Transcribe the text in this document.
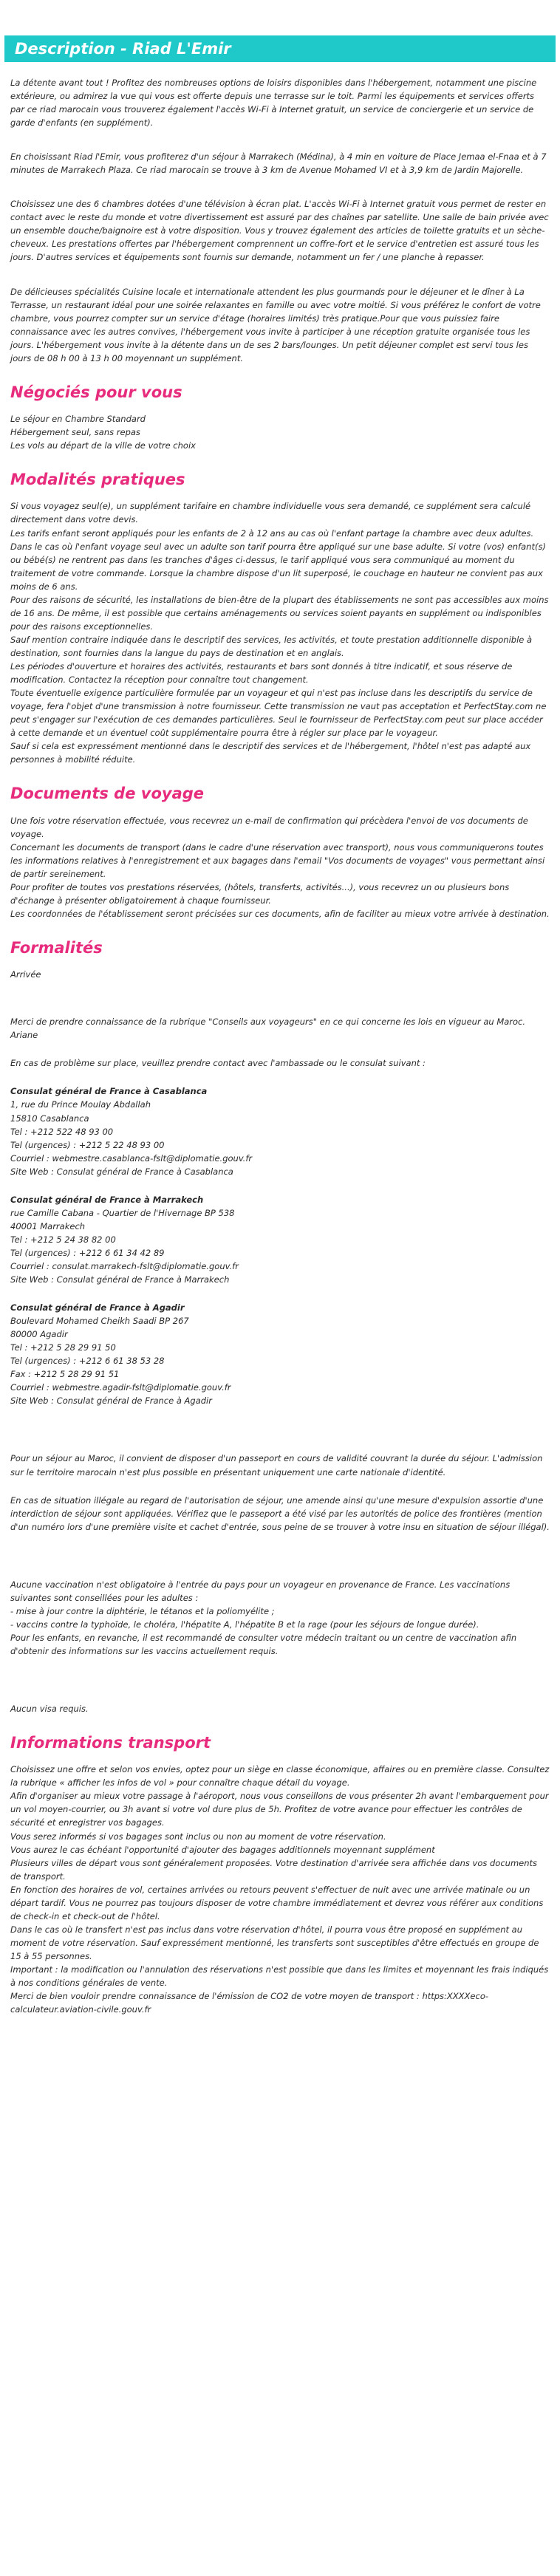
Description - Riad L'Emir

La détente avant tout ! Profitez des nombreuses options de loisirs disponibles dans l'hébergement, notamment une piscine extérieure, ou admirez la vue qui vous est offerte depuis une terrasse sur le toit. Parmi les équipements et services offerts par ce riad marocain vous trouverez également l'accès Wi-Fi à Internet gratuit, un service de conciergerie et un service de garde d'enfants (en supplément).

En choisissant Riad l'Emir, vous profiterez d'un séjour à Marrakech (Médina), à 4 min en voiture de Place Jemaa el-Fnaa et à 7 minutes de Marrakech Plaza. Ce riad marocain se trouve à 3 km de Avenue Mohamed VI et à 3,9 km de Jardin Majorelle.

Choisissez une des 6 chambres dotées d'une télévision à écran plat. L'accès Wi-Fi à Internet gratuit vous permet de rester en contact avec le reste du monde et votre divertissement est assuré par des chaînes par satellite. Une salle de bain privée avec un ensemble douche/baignoire est à votre disposition. Vous y trouvez également des articles de toilette gratuits et un sèche-cheveux. Les prestations offertes par l'hébergement comprennent un coffre-fort et le service d'entretien est assuré tous les jours. D'autres services et équipements sont fournis sur demande, notamment un fer / une planche à repasser.

De délicieuses spécialités Cuisine locale et internationale attendent les plus gourmands pour le déjeuner et le dîner à La Terrasse, un restaurant idéal pour une soirée relaxantes en famille ou avec votre moitié. Si vous préférez le confort de votre chambre, vous pourrez compter sur un service d'étage (horaires limités) très pratique.Pour que vous puissiez faire connaissance avec les autres convives, l'hébergement vous invite à participer à une réception gratuite organisée tous les jours. L'hébergement vous invite à la détente dans un de ses 2 bars/lounges. Un petit déjeuner complet est servi tous les jours de 08 h 00 à 13 h 00 moyennant un supplément.

Négociés pour vous
Le séjour en Chambre Standard
Hébergement seul, sans repas
Les vols au départ de la ville de votre choix
Modalités pratiques
Si vous voyagez seul(e), un supplément tarifaire en chambre individuelle vous sera demandé, ce supplément sera calculé directement dans votre devis.
Les tarifs enfant seront appliqués pour les enfants de 2 à 12 ans au cas où l'enfant partage la chambre avec deux adultes. Dans le cas où l'enfant voyage seul avec un adulte son tarif pourra être appliqué sur une base adulte. Si votre (vos) enfant(s) ou bébé(s) ne rentrent pas dans les tranches d'âges ci-dessus, le tarif appliqué vous sera communiqué au moment du traitement de votre commande. Lorsque la chambre dispose d'un lit superposé, le couchage en hauteur ne convient pas aux moins de 6 ans.
Pour des raisons de sécurité, les installations de bien-être de la plupart des établissements ne sont pas accessibles aux moins de 16 ans. De même, il est possible que certains aménagements ou services soient payants en supplément ou indisponibles pour des raisons exceptionnelles.
Sauf mention contraire indiquée dans le descriptif des services, les activités, et toute prestation additionnelle disponible à destination, sont fournies dans la langue du pays de destination et en anglais.
Les périodes d'ouverture et horaires des activités, restaurants et bars sont donnés à titre indicatif, et sous réserve de modification. Contactez la réception pour connaître tout changement.
Toute éventuelle exigence particulière formulée par un voyageur et qui n'est pas incluse dans les descriptifs du service de voyage, fera l'objet d'une transmission à notre fournisseur. Cette transmission ne vaut pas acceptation et PerfectStay.com ne peut s'engager sur l'exécution de ces demandes particulières. Seul le fournisseur de PerfectStay.com peut sur place accéder à cette demande et un éventuel coût supplémentaire pourra être à régler sur place par le voyageur.
Sauf si cela est expressément mentionné dans le descriptif des services et de l'hébergement, l'hôtel n'est pas adapté aux personnes à mobilité réduite.
Documents de voyage
Une fois votre réservation effectuée, vous recevrez un e-mail de confirmation qui précèdera l'envoi de vos documents de voyage.
Concernant les documents de transport (dans le cadre d'une réservation avec transport), nous vous communiquerons toutes les informations relatives à l'enregistrement et aux bagages dans l'email "Vos documents de voyages" vous permettant ainsi de partir sereinement.
Pour profiter de toutes vos prestations réservées, (hôtels, transferts, activités...), vous recevrez un ou plusieurs bons d'échange à présenter obligatoirement à chaque fournisseur.
Les coordonnées de l'établissement seront précisées sur ces documents, afin de faciliter au mieux votre arrivée à destination.
Formalités
Arrivée
Merci de prendre connaissance de la rubrique "Conseils aux voyageurs" en ce qui concerne les lois en vigueur au Maroc. Ariane
En cas de problème sur place, veuillez prendre contact avec l'ambassade ou le consulat suivant :
Consulat général de France à Casablanca
1, rue du Prince Moulay Abdallah
15810 Casablanca
Tel : +212 522 48 93 00
Tel (urgences) : +212 5 22 48 93 00
Courriel : webmestre.casablanca-fslt@diplomatie.gouv.fr
Site Web : Consulat général de France à Casablanca
Consulat général de France à Marrakech
rue Camille Cabana - Quartier de l'Hivernage BP 538
40001 Marrakech
Tel : +212 5 24 38 82 00
Tel (urgences) : +212 6 61 34 42 89
Courriel : consulat.marrakech-fslt@diplomatie.gouv.fr
Site Web : Consulat général de France à Marrakech
Consulat général de France à Agadir
Boulevard Mohamed Cheikh Saadi BP 267
80000 Agadir
Tel : +212 5 28 29 91 50
Tel (urgences) : +212 6 61 38 53 28
Fax : +212 5 28 29 91 51
Courriel : webmestre.agadir-fslt@diplomatie.gouv.fr
Site Web : Consulat général de France à Agadir
Pour un séjour au Maroc, il convient de disposer d'un passeport en cours de validité couvrant la durée du séjour. L'admission sur le territoire marocain n'est plus possible en présentant uniquement une carte nationale d'identité.
En cas de situation illégale au regard de l'autorisation de séjour, une amende ainsi qu'une mesure d'expulsion assortie d'une interdiction de séjour sont appliquées. Vérifiez que le passeport a été visé par les autorités de police des frontières (mention d'un numéro lors d'une première visite et cachet d'entrée, sous peine de se trouver à votre insu en situation de séjour illégal).
Aucune vaccination n'est obligatoire à l'entrée du pays pour un voyageur en provenance de France. Les vaccinations suivantes sont conseillées pour les adultes :
- mise à jour contre la diphtérie, le tétanos et la poliomyélite ;
- vaccins contre la typhoïde, le choléra, l'hépatite A, l'hépatite B et la rage (pour les séjours de longue durée).
Pour les enfants, en revanche, il est recommandé de consulter votre médecin traitant ou un centre de vaccination afin d'obtenir des informations sur les vaccins actuellement requis.
Aucun visa requis.
Informations transport
Choisissez une offre et selon vos envies, optez pour un siège en classe économique, affaires ou en première classe. Consultez la rubrique « afficher les infos de vol » pour connaître chaque détail du voyage.
Afin d'organiser au mieux votre passage à l'aéroport, nous vous conseillons de vous présenter 2h avant l'embarquement pour un vol moyen-courrier, ou 3h avant si votre vol dure plus de 5h. Profitez de votre avance pour effectuer les contrôles de sécurité et enregistrer vos bagages.
Vous serez informés si vos bagages sont inclus ou non au moment de votre réservation.
Vous aurez le cas échéant l'opportunité d'ajouter des bagages additionnels moyennant supplément
Plusieurs villes de départ vous sont généralement proposées. Votre destination d'arrivée sera affichée dans vos documents de transport.
En fonction des horaires de vol, certaines arrivées ou retours peuvent s'effectuer de nuit avec une arrivée matinale ou un départ tardif. Vous ne pourrez pas toujours disposer de votre chambre immédiatement et devrez vous référer aux conditions de check-in et check-out de l'hôtel.
Dans le cas où le transfert n'est pas inclus dans votre réservation d'hôtel, il pourra vous être proposé en supplément au moment de votre réservation. Sauf expressément mentionné, les transferts sont susceptibles d'être effectués en groupe de 15 à 55 personnes.
Important : la modification ou l'annulation des réservations n'est possible que dans les limites et moyennant les frais indiqués à nos conditions générales de vente.
Merci de bien vouloir prendre connaissance de l'émission de CO2 de votre moyen de transport : https:XXXXeco-calculateur.aviation-civile.gouv.fr
